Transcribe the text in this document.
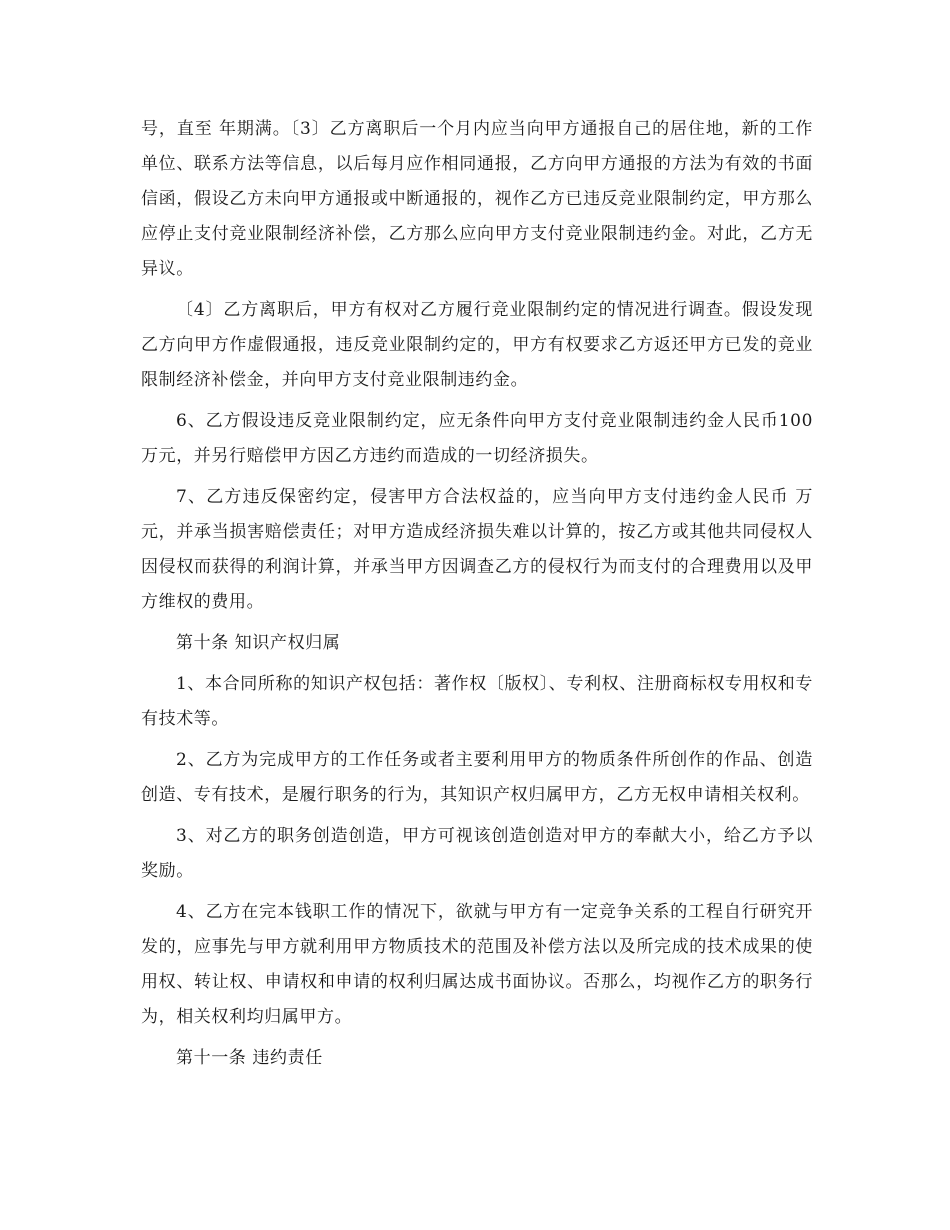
号，直至 年期满。〔3〕乙方离职后一个月内应当向甲方通报自己的居住地，新的工作单位、联系方法等信息，以后每月应作相同通报，乙方向甲方通报的方法为有效的书面信函，假设乙方未向甲方通报或中断通报的，视作乙方已违反竞业限制约定，甲方那么应停止支付竞业限制经济补偿，乙方那么应向甲方支付竞业限制违约金。对此，乙方无异议。

〔4〕乙方离职后，甲方有权对乙方履行竞业限制约定的情况进行调查。假设发现乙方向甲方作虚假通报，违反竞业限制约定的，甲方有权要求乙方返还甲方已发的竞业限制经济补偿金，并向甲方支付竞业限制违约金。

6、乙方假设违反竞业限制约定，应无条件向甲方支付竞业限制违约金人民币100万元，并另行赔偿甲方因乙方违约而造成的一切经济损失。

7、乙方违反保密约定，侵害甲方合法权益的，应当向甲方支付违约金人民币 万元，并承当损害赔偿责任；对甲方造成经济损失难以计算的，按乙方或其他共同侵权人因侵权而获得的利润计算，并承当甲方因调查乙方的侵权行为而支付的合理费用以及甲方维权的费用。

第十条 知识产权归属

1、本合同所称的知识产权包括：著作权〔版权〕、专利权、注册商标权专用权和专有技术等。

2、乙方为完成甲方的工作任务或者主要利用甲方的物质条件所创作的作品、创造创造、专有技术，是履行职务的行为，其知识产权归属甲方，乙方无权申请相关权利。

3、对乙方的职务创造创造，甲方可视该创造创造对甲方的奉献大小，给乙方予以奖励。

4、乙方在完本钱职工作的情况下，欲就与甲方有一定竞争关系的工程自行研究开发的，应事先与甲方就利用甲方物质技术的范围及补偿方法以及所完成的技术成果的使用权、转让权、申请权和申请的权利归属达成书面协议。否那么，均视作乙方的职务行为，相关权利均归属甲方。

第十一条 违约责任
